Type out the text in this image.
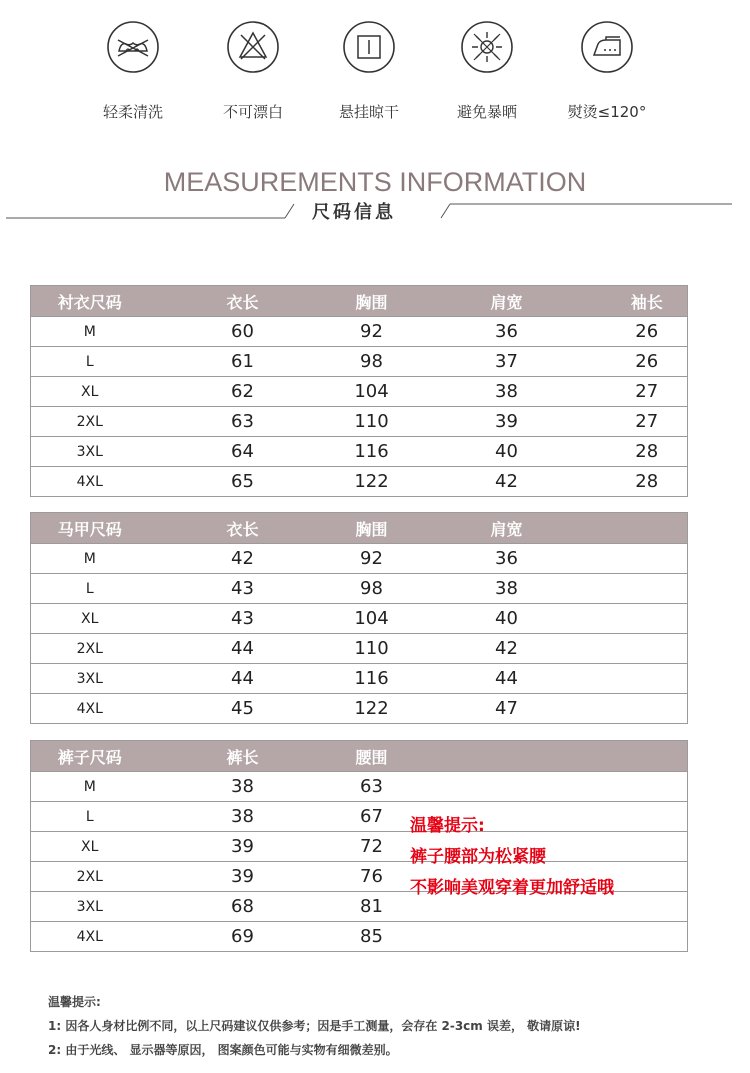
轻柔清洗	不可漂白	悬挂晾干	避免暴晒	熨烫≤120°
MEASUREMENTS INFORMATION
尺码信息
衬衣尺码	衣长	胸围	肩宽	袖长
M	60	92	36	26
L	61	98	37	26
XL	62	104	38	27
2XL	63	110	39	27
3XL	64	116	40	28
4XL	65	122	42	28
马甲尺码	衣长	胸围	肩宽	
M	42	92	36	
L	43	98	38	
XL	43	104	40	
2XL	44	110	42	
3XL	44	116	44	
4XL	45	122	47	
裤子尺码	裤长	腰围		
M	38	63		
L	38	67		
XL	39	72		
2XL	39	76		
3XL	68	81		
4XL	69	85		
温馨提示:
裤子腰部为松紧腰
不影响美观穿着更加舒适哦
温馨提示:
1: 因各人身材比例不同，以上尺码建议仅供参考；因是手工测量，会存在 2-3cm 误差， 敬请原谅!
2: 由于光线、 显示器等原因， 图案颜色可能与实物有细微差别。
